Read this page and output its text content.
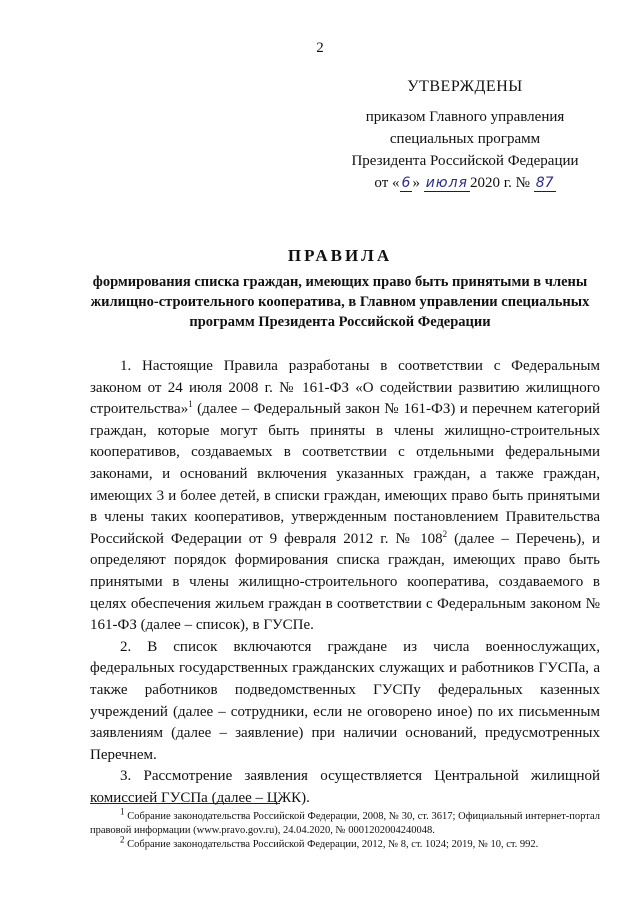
2
УТВЕРЖДЕНЫ
приказом Главного управления
специальных программ
Президента Российской Федерации
от « 6 » июля 2020 г. № 87
ПРАВИЛА
формирования списка граждан, имеющих право быть принятыми в члены жилищно-строительного кооператива, в Главном управлении специальных программ Президента Российской Федерации

1. Настоящие Правила разработаны в соответствии с Федеральным законом от 24 июля 2008 г. № 161-ФЗ «О содействии развитию жилищного строительства»$^1$ (далее – Федеральный закон № 161-ФЗ) и перечнем категорий граждан, которые могут быть приняты в члены жилищно-строительных кооперативов, создаваемых в соответствии с отдельными федеральными законами, и оснований включения указанных граждан, а также граждан, имеющих 3 и более детей, в списки граждан, имеющих право быть принятыми в члены таких кооперативов, утвержденным постановлением Правительства Российской Федерации от 9 февраля 2012 г. № $108^2$ (далее – Перечень), и определяют порядок формирования списка граждан, имеющих право быть принятыми в члены жилищно-строительного кооператива, создаваемого в целях обеспечения жильем граждан в соответствии с Федеральным законом № 161-ФЗ (далее – список), в ГУСПе.

2. В список включаются граждане из числа военнослужащих, федеральных государственных гражданских служащих и работников ГУСПа, а также работников подведомственных ГУСПу федеральных казенных учреждений (далее – сотрудники, если не оговорено иное) по их письменным заявлениям (далее – заявление) при наличии оснований, предусмотренных Перечнем.

3. Рассмотрение заявления осуществляется Центральной жилищной комиссией ГУСПа (далее – ЦЖК).

$^1$ Собрание законодательства Российской Федерации, 2008, № 30, ст. 3617; Официальный интернет-портал правовой информации (www.pravo.gov.ru), 24.04.2020, № 0001202004240048.

$^2$ Собрание законодательства Российской Федерации, 2012, № 8, ст. 1024; 2019, № 10, ст. 992.
